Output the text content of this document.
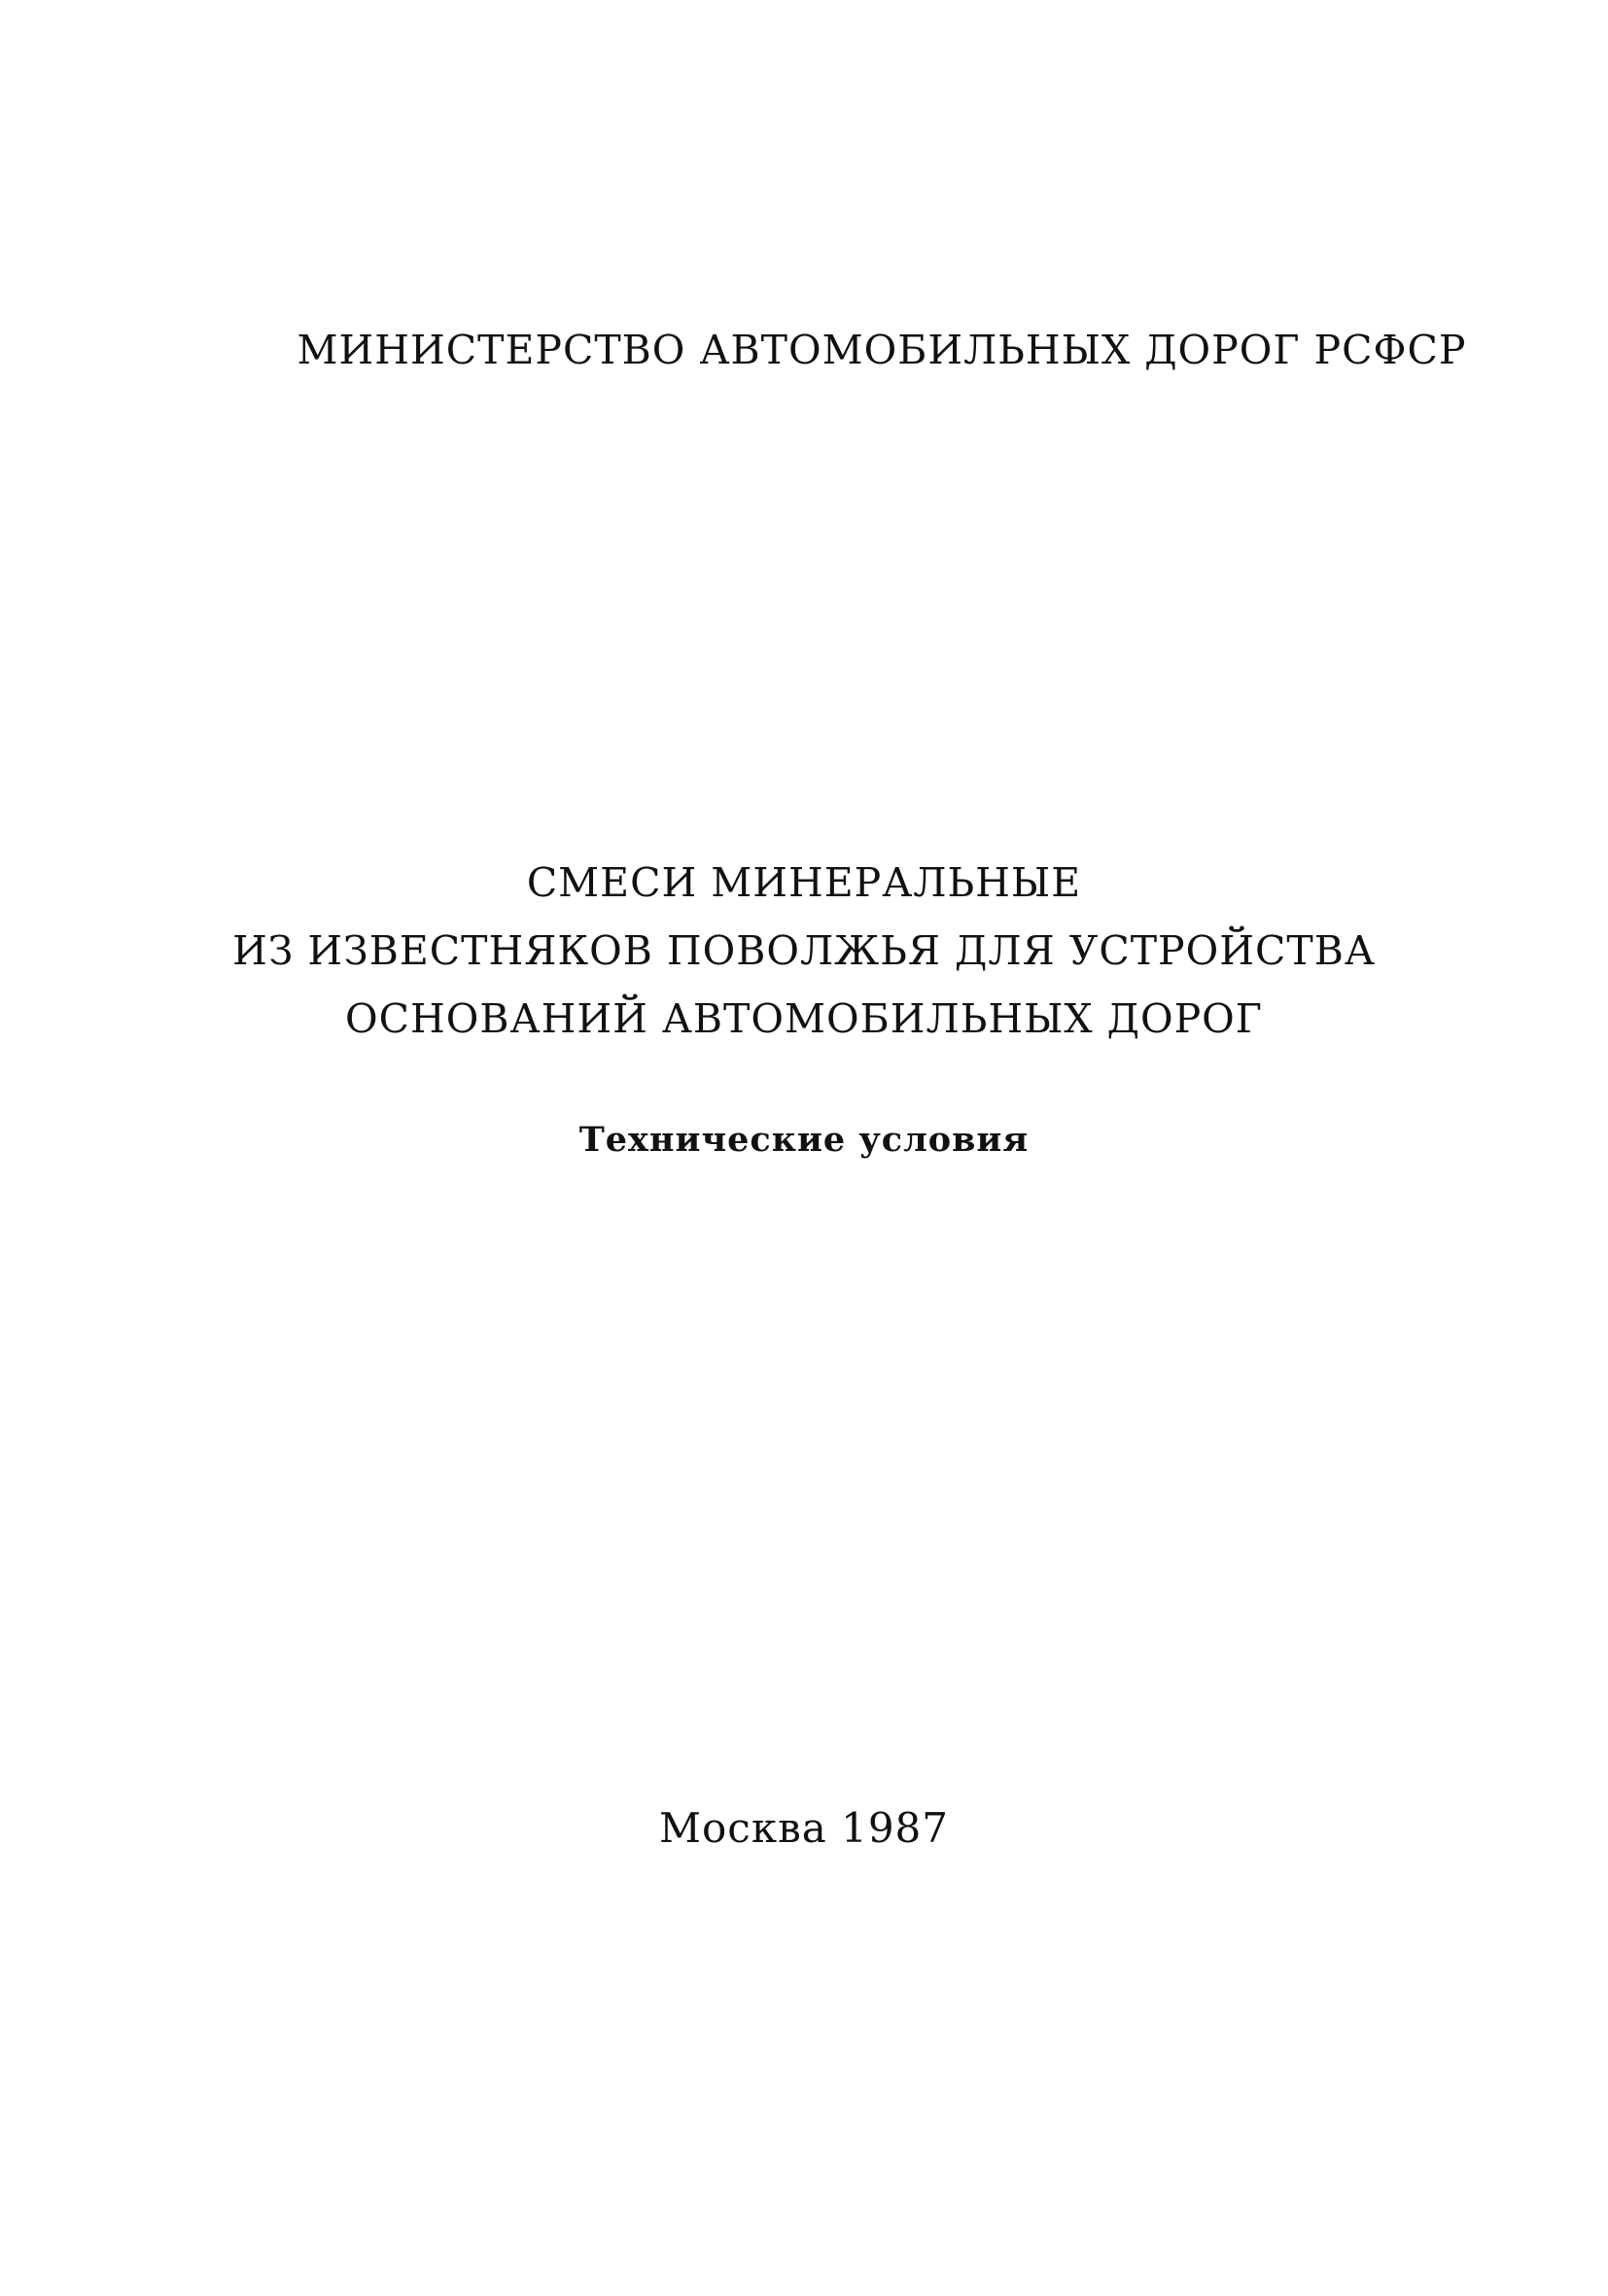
МИНИСТЕРСТВО АВТОМОБИЛЬНЫХ ДОРОГ РСФСР
СМЕСИ МИНЕРАЛЬНЫЕ
ИЗ ИЗВЕСТНЯКОВ ПОВОЛЖЬЯ ДЛЯ УСТРОЙСТВА
ОСНОВАНИЙ АВТОМОБИЛЬНЫХ ДОРОГ
Технические условия
Москва 1987
